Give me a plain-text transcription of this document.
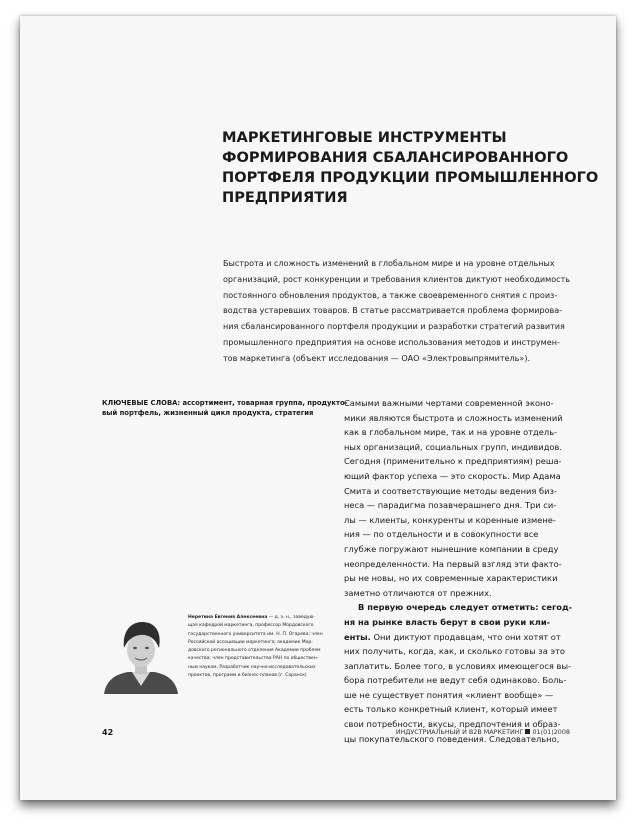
МАРКЕТИНГОВЫЕ ИНСТРУМЕНТЫ
ФОРМИРОВАНИЯ СБАЛАНСИРОВАННОГО
ПОРТФЕЛЯ ПРОДУКЦИИ ПРОМЫШЛЕННОГО
ПРЕДПРИЯТИЯ
Быстрота и сложность изменений в глобальном мире и на уровне отдельных
организаций, рост конкуренции и требования клиентов диктуют необходимость
постоянного обновления продуктов, а также своевременного снятия с произ-
водства устаревших товаров. В статье рассматривается проблема формирова-
ния сбалансированного портфеля продукции и разработки стратегий развития
промышленного предприятия на основе использования методов и инструмен-
тов маркетинга (объект исследования — ОАО «Электровыпрямитель»).
КЛЮЧЕВЫЕ СЛОВА: ассортимент, товарная группа, продукто-
вый портфель, жизненный цикл продукта, стратегия
Самыми важными чертами современной эконо-
мики являются быстрота и сложность изменений
как в глобальном мире, так и на уровне отдель-
ных организаций, социальных групп, индивидов.
Сегодня (применительно к предприятиям) реша-
ющий фактор успеха — это скорость. Мир Адама
Смита и соответствующие методы ведения биз-
неса — парадигма позавчерашнего дня. Три си-
лы — клиенты, конкуренты и коренные измене-
ния — по отдельности и в совокупности все
глубже погружают нынешние компании в среду
неопределенности. На первый взгляд эти факто-
ры не новы, но их современные характеристики
заметно отличаются от прежних.
В первую очередь следует отметить: сегод-
ня на рынке власть берут в свои руки кли-
енты. Они диктуют продавцам, что они хотят от
них получить, когда, как, и сколько готовы за это
заплатить. Более того, в условиях имеющегося вы-
бора потребители не ведут себя одинаково. Боль-
ше не существует понятия «клиент вообще» —
есть только конкретный клиент, который имеет
свои потребности, вкусы, предпочтения и образ-
цы покупательского поведения. Следовательно,
Неретина Евгения Алексеевна — д. э. н., заведую-
щая кафедрой маркетинга, профессор Мордовского
государственного университета им. Н. П. Огарева; член
Российской ассоциации маркетинга; академик Мор-
довского регионального отделения Академии проблем
качества; член представительства РАН по обществен-
ным наукам. Разработчик научно-исследовательских
проектов, программ и бизнес-планов (г. Саранск)
42	ИНДУСТРИАЛЬНЫЙ И B2B МАРКЕТИНГ 01(01)2008
